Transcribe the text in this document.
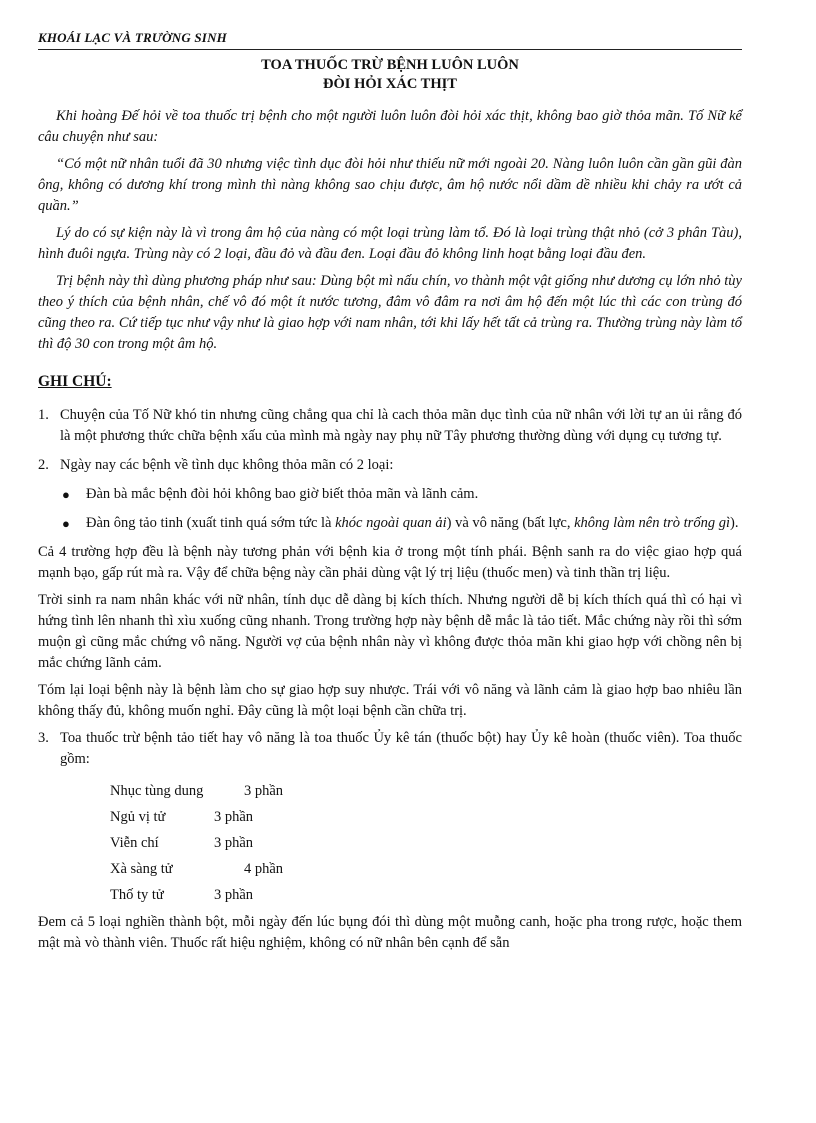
KHOÁI LẠC VÀ TRƯỜNG SINH
TOA THUỐC TRỪ BỆNH LUÔN LUÔN
ĐÒI HỎI XÁC THỊT

Khi hoàng Đế hỏi về toa thuốc trị bệnh cho một người luôn luôn đòi hỏi xác thịt, không bao giờ thỏa mãn. Tố Nữ kể câu chuyện như sau:

“Có một nữ nhân tuổi đã 30 nhưng việc tình dục đòi hỏi như thiếu nữ mới ngoài 20. Nàng luôn luôn cần gần gũi đàn ông, không có dương khí trong mình thì nàng không sao chịu được, âm hộ nước nổi dầm dề nhiều khi chảy ra ướt cả quần.”

Lý do có sự kiện này là vì trong âm hộ của nàng có một loại trùng làm tổ. Đó là loại trùng thật nhỏ (cở 3 phân Tàu), hình đuôi ngựa. Trùng này có 2 loại, đầu đỏ và đầu đen. Loại đầu đỏ không linh hoạt bằng loại đầu đen.

Trị bệnh này thì dùng phương pháp như sau: Dùng bột mì nấu chín, vo thành một vật giống như dương cụ lớn nhỏ tùy theo ý thích của bệnh nhân, chế vô đó một ít nước tương, đâm vô đâm ra nơi âm hộ đến một lúc thì các con trùng đó cũng theo ra. Cứ tiếp tục như vậy như là giao hợp với nam nhân, tới khi lấy hết tất cả trùng ra. Thường trùng này làm tổ thì độ 30 con trong một âm hộ.

GHI CHÚ:
1. Chuyện của Tố Nữ khó tin nhưng cũng chẳng qua chỉ là cach thỏa mãn dục tình của nữ nhân với lời tự an ủi rằng đó là một phương thức chữa bệnh xấu của mình mà ngày nay phụ nữ Tây phương thường dùng với dụng cụ tương tự.
2. Ngày nay các bệnh về tình dục không thỏa mãn có 2 loại:
●	Đàn bà mắc bệnh đòi hỏi không bao giờ biết thỏa mãn và lãnh cảm.
●	Đàn ông tảo tinh (xuất tinh quá sớm tức là khóc ngoài quan ải) và vô năng (bất lực, không làm nên trò trống gì).

Cả 4 trường hợp đều là bệnh này tương phản với bệnh kia ở trong một tính phái. Bệnh sanh ra do việc giao hợp quá mạnh bạo, gấp rút mà ra. Vậy để chữa bệng này cần phải dùng vật lý trị liệu (thuốc men) và tinh thần trị liệu.

Trời sinh ra nam nhân khác với nữ nhân, tính dục dễ dàng bị kích thích. Nhưng người dễ bị kích thích quá thì có hại vì hứng tình lên nhanh thì xìu xuống cũng nhanh. Trong trường hợp này bệnh dễ mắc là tảo tiết. Mắc chứng này rồi thì sớm muộn gì cũng mắc chứng vô năng. Người vợ của bệnh nhân này vì không được thỏa mãn khi giao hợp với chồng nên bị mắc chứng lãnh cảm.

Tóm lại loại bệnh này là bệnh làm cho sự giao hợp suy nhược. Trái với vô năng và lãnh cảm là giao hợp bao nhiêu lần không thấy đủ, không muốn nghỉ. Đây cũng là một loại bệnh cần chữa trị.

3. Toa thuốc trừ bệnh tảo tiết hay vô năng là toa thuốc Ủy kê tán (thuốc bột) hay Ủy kê hoàn (thuốc viên). Toa thuốc gồm:
Nhục tùng dung	3 phần
Ngủ vị tử	3 phần
Viễn chí	3 phần
Xà sàng tử	4 phần
Thố ty tử	3 phần

Đem cả 5 loại nghiền thành bột, mỗi ngày đến lúc bụng đói thì dùng một muỗng canh, hoặc pha trong rược, hoặc them mật mà vò thành viên. Thuốc rất hiệu nghiệm, không có nữ nhân bên cạnh để sẵn
